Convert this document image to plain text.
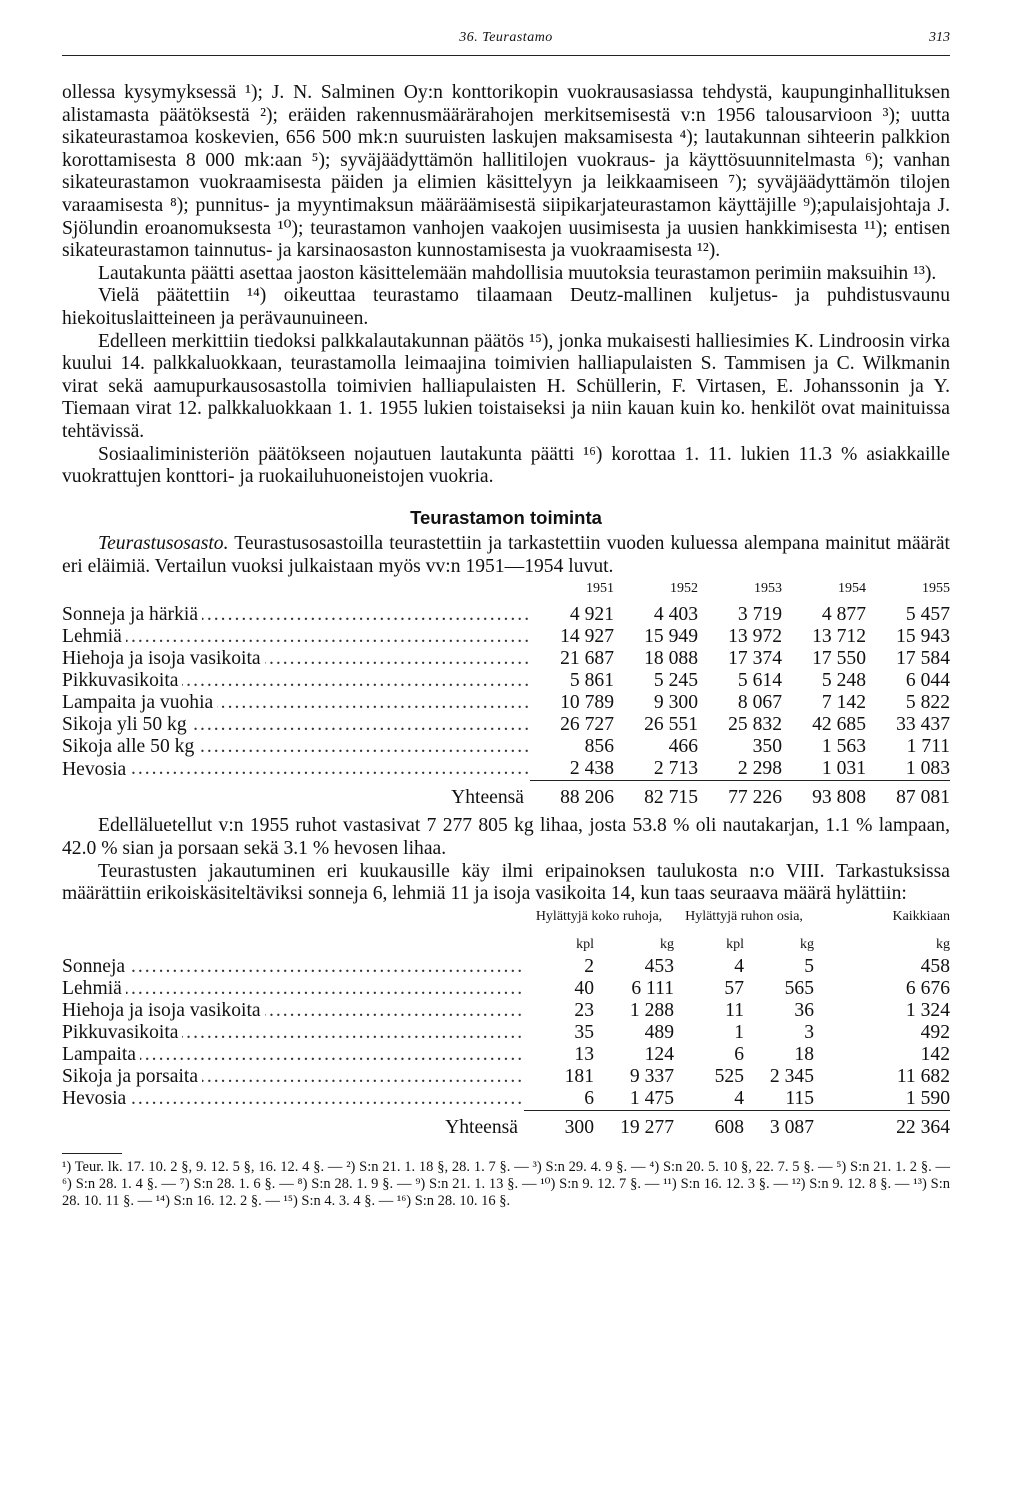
36. Teurastamo	313

ollessa kysymyksessä ¹); J. N. Salminen Oy:n konttorikopin vuokrausasiassa tehdystä, kaupunginhallituksen alistamasta päätöksestä ²); eräiden rakennusmäärärahojen merkitsemisestä v:n 1956 talousarvioon ³); uutta sikateurastamoa koskevien, 656 500 mk:n suuruisten laskujen maksamisesta ⁴); lautakunnan sihteerin palkkion korottamisesta 8 000 mk:aan ⁵); syväjäädyttämön hallitilojen vuokraus- ja käyttösuunnitelmasta ⁶); vanhan sikateurastamon vuokraamisesta päiden ja elimien käsittelyyn ja leikkaamiseen ⁷); syväjäädyttämön tilojen varaamisesta ⁸); punnitus- ja myyntimaksun määräämisestä siipikarjateurastamon käyttäjille ⁹);apulaisjohtaja J. Sjölundin eroanomuksesta ¹⁰); teurastamon vanhojen vaakojen uusimisesta ja uusien hankkimisesta ¹¹); entisen sikateurastamon tainnutus- ja karsinaosaston kunnostamisesta ja vuokraamisesta ¹²).

Lautakunta päätti asettaa jaoston käsittelemään mahdollisia muutoksia teurastamon perimiin maksuihin ¹³).

Vielä päätettiin ¹⁴) oikeuttaa teurastamo tilaamaan Deutz-mallinen kuljetus- ja puhdistusvaunu hiekoituslaitteineen ja perävaunuineen.

Edelleen merkittiin tiedoksi palkkalautakunnan päätös ¹⁵), jonka mukaisesti halliesimies K. Lindroosin virka kuului 14. palkkaluokkaan, teurastamolla leimaajina toimivien halliapulaisten S. Tammisen ja C. Wilkmanin virat sekä aamupurkausosastolla toimivien halliapulaisten H. Schüllerin, F. Virtasen, E. Johanssonin ja Y. Tiemaan virat 12. palkkaluokkaan 1. 1. 1955 lukien toistaiseksi ja niin kauan kuin ko. henkilöt ovat mainituissa tehtävissä.

Sosiaaliministeriön päätökseen nojautuen lautakunta päätti ¹⁶) korottaa 1. 11. lukien 11.3 % asiakkaille vuokrattujen konttori- ja ruokailuhuoneistojen vuokria.

Teurastamon toiminta

Teurastusosasto. Teurastusosastoilla teurastettiin ja tarkastettiin vuoden kuluessa alempana mainitut määrät eri eläimiä. Vertailun vuoksi julkaistaan myös vv:n 1951—1954 luvut.

	1951	1952	1953	1954	1955
Sonneja ja härkiä .....	4 921	4 403	3 719	4 877	5 457
Lehmiä .....	14 927	15 949	13 972	13 712	15 943
Hiehoja ja isoja vasikoita .....	21 687	18 088	17 374	17 550	17 584
Pikkuvasikoita .....	5 861	5 245	5 614	5 248	6 044
Lampaita ja vuohia .....	10 789	9 300	8 067	7 142	5 822
Sikoja yli 50 kg .....	26 727	26 551	25 832	42 685	33 437
Sikoja alle 50 kg .....	856	466	350	1 563	1 711
Hevosia .....	2 438	2 713	2 298	1 031	1 083
Yhteensä	88 206	82 715	77 226	93 808	87 081

Edelläluetellut v:n 1955 ruhot vastasivat 7 277 805 kg lihaa, josta 53.8 % oli nautakarjan, 1.1 % lampaan, 42.0 % sian ja porsaan sekä 3.1 % hevosen lihaa.

Teurastusten jakautuminen eri kuukausille käy ilmi eripainoksen taulukosta n:o VIII. Tarkastuksissa määrättiin erikoiskäsiteltäviksi sonneja 6, lehmiä 11 ja isoja vasikoita 14, kun taas seuraava määrä hylättiin:

	Hylättyjä koko ruhoja,		Hylättyjä ruhon osia,		Kaikkiaan
	kpl	kg	kpl	kg	kg
Sonneja .....	2	453	4	5	458
Lehmiä .....	40	6 111	57	565	6 676
Hiehoja ja isoja vasikoita .....	23	1 288	11	36	1 324
Pikkuvasikoita .....	35	489	1	3	492
Lampaita .....	13	124	6	18	142
Sikoja ja porsaita .....	181	9 337	525	2 345	11 682
Hevosia .....	6	1 475	4	115	1 590
Yhteensä	300	19 277	608	3 087	22 364

¹) Teur. lk. 17. 10. 2 §, 9. 12. 5 §, 16. 12. 4 §. — ²) S:n 21. 1. 18 §, 28. 1. 7 §. — ³) S:n 29. 4. 9 §. — ⁴) S:n 20. 5. 10 §, 22. 7. 5 §. — ⁵) S:n 21. 1. 2 §. — ⁶) S:n 28. 1. 4 §. — ⁷) S:n 28. 1. 6 §. — ⁸) S:n 28. 1. 9 §. — ⁹) S:n 21. 1. 13 §. — ¹⁰) S:n 9. 12. 7 §. — ¹¹) S:n 16. 12. 3 §. — ¹²) S:n 9. 12. 8 §. — ¹³) S:n 28. 10. 11 §. — ¹⁴) S:n 16. 12. 2 §. — ¹⁵) S:n 4. 3. 4 §. — ¹⁶) S:n 28. 10. 16 §.
